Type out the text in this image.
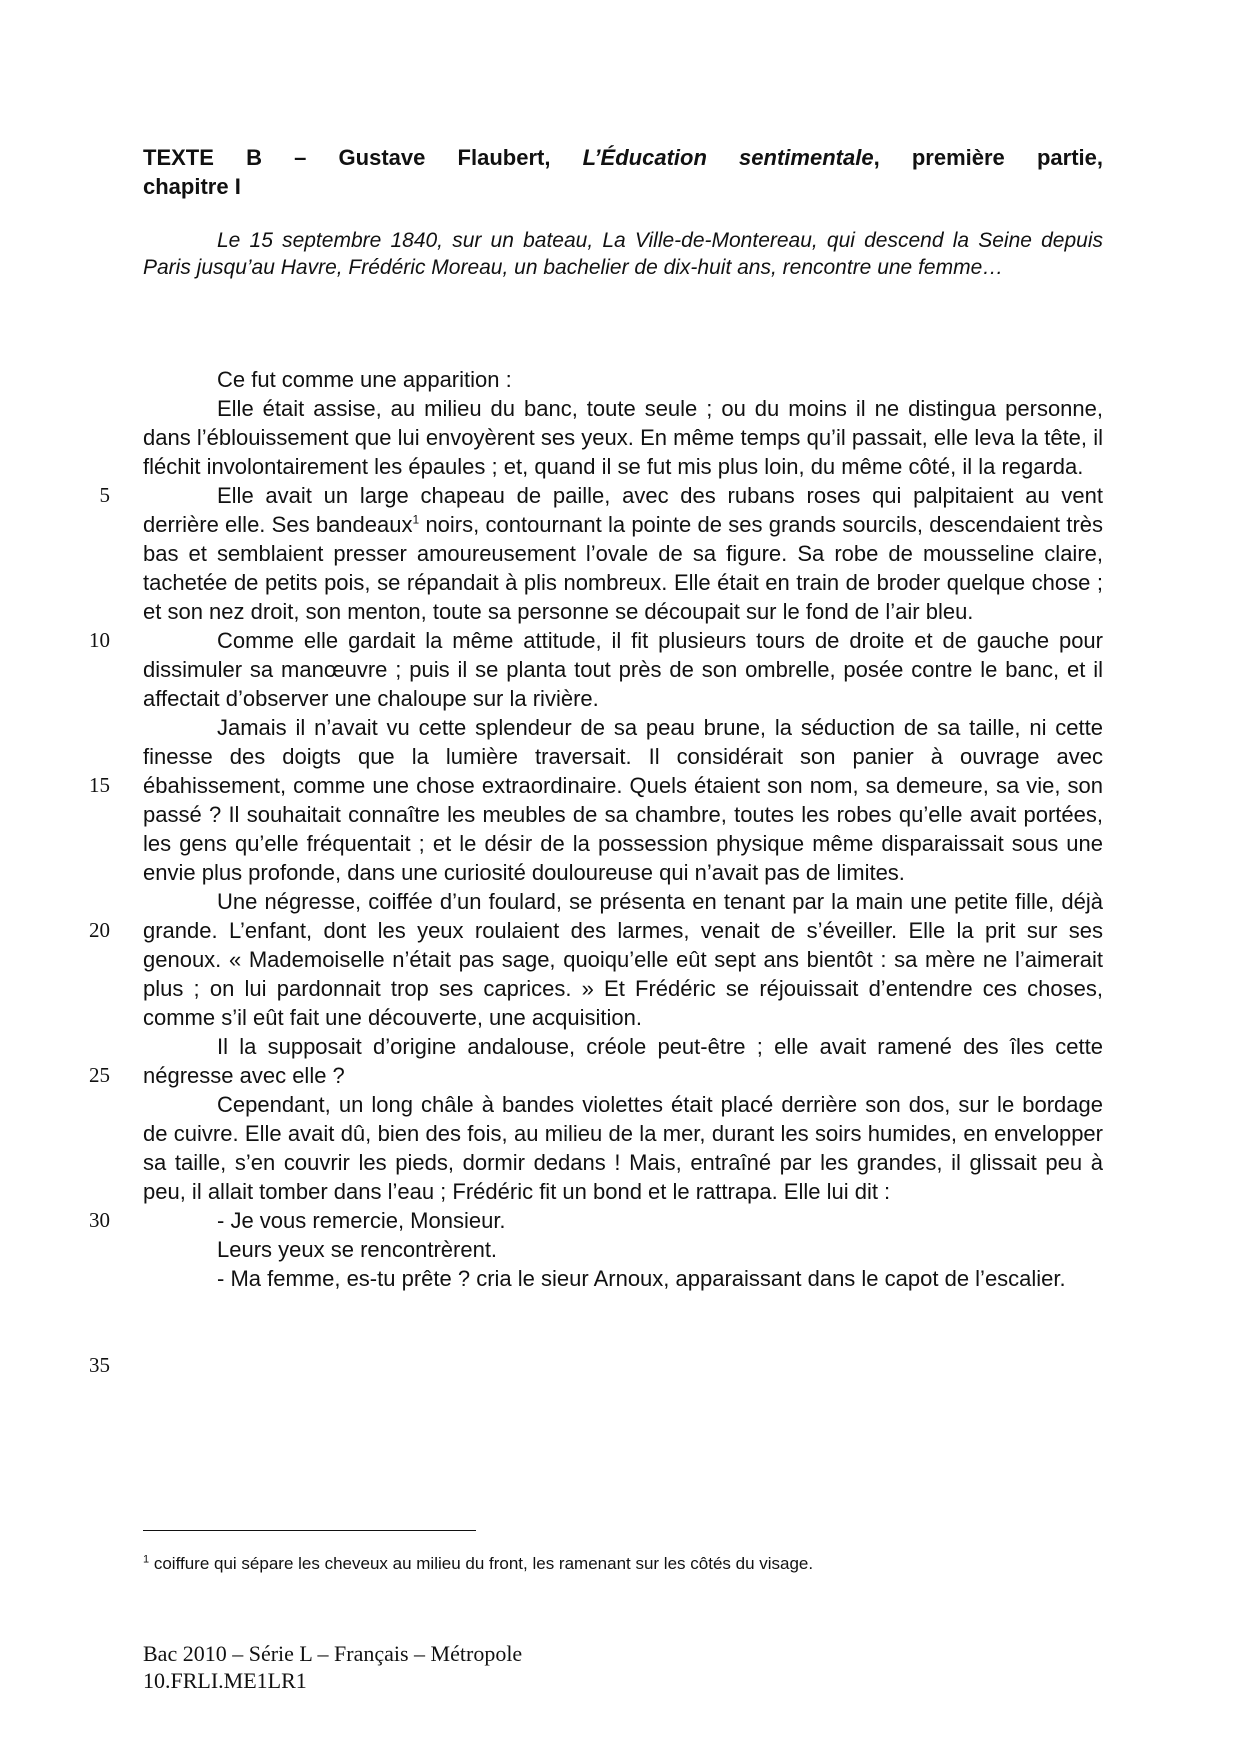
TEXTE B – Gustave Flaubert, L’Éducation sentimentale, première partie,
chapitre I
Le 15 septembre 1840, sur un bateau, La Ville-de-Montereau, qui descend la Seine depuis Paris jusqu’au Havre, Frédéric Moreau, un bachelier de dix-huit ans, rencontre une femme…

Ce fut comme une apparition :

Elle était assise, au milieu du banc, toute seule ; ou du moins il ne distingua personne, dans l’éblouissement que lui envoyèrent ses yeux. En même temps qu’il passait, elle leva la tête, il fléchit involontairement les épaules ; et, quand il se fut mis plus loin, du même côté, il la regarda.

Elle avait un large chapeau de paille, avec des rubans roses qui palpitaient au vent derrière elle. Ses bandeaux$^1$ noirs, contournant la pointe de ses grands sourcils, descendaient très bas et semblaient presser amoureusement l’ovale de sa figure. Sa robe de mousseline claire, tachetée de petits pois, se répandait à plis nombreux. Elle était en train de broder quelque chose ; et son nez droit, son menton, toute sa personne se découpait sur le fond de l’air bleu.

Comme elle gardait la même attitude, il fit plusieurs tours de droite et de gauche pour dissimuler sa manœuvre ; puis il se planta tout près de son ombrelle, posée contre le banc, et il affectait d’observer une chaloupe sur la rivière.

Jamais il n’avait vu cette splendeur de sa peau brune, la séduction de sa taille, ni cette finesse des doigts que la lumière traversait. Il considérait son panier à ouvrage avec ébahissement, comme une chose extraordinaire. Quels étaient son nom, sa demeure, sa vie, son passé ? Il souhaitait connaître les meubles de sa chambre, toutes les robes qu’elle avait portées, les gens qu’elle fréquentait ; et le désir de la possession physique même disparaissait sous une envie plus profonde, dans une curiosité douloureuse qui n’avait pas de limites.

Une négresse, coiffée d’un foulard, se présenta en tenant par la main une petite fille, déjà grande. L’enfant, dont les yeux roulaient des larmes, venait de s’éveiller. Elle la prit sur ses genoux. « Mademoiselle n’était pas sage, quoiqu’elle eût sept ans bientôt : sa mère ne l’aimerait plus ; on lui pardonnait trop ses caprices. » Et Frédéric se réjouissait d’entendre ces choses, comme s’il eût fait une découverte, une acquisition.

Il la supposait d’origine andalouse, créole peut-être ; elle avait ramené des îles cette négresse avec elle ?

Cependant, un long châle à bandes violettes était placé derrière son dos, sur le bordage de cuivre. Elle avait dû, bien des fois, au milieu de la mer, durant les soirs humides, en envelopper sa taille, s’en couvrir les pieds, dormir dedans ! Mais, entraîné par les grandes, il glissait peu à peu, il allait tomber dans l’eau ; Frédéric fit un bond et le rattrapa. Elle lui dit :

- Je vous remercie, Monsieur.

Leurs yeux se rencontrèrent.

- Ma femme, es-tu prête ? cria le sieur Arnoux, apparaissant dans le capot de l’escalier.

5
10
15
20
25
30
35
$^1$ coiffure qui sépare les cheveux au milieu du front, les ramenant sur les côtés du visage.
Bac 2010 – Série L – Français – Métropole
10.FRLI.ME1LR1
